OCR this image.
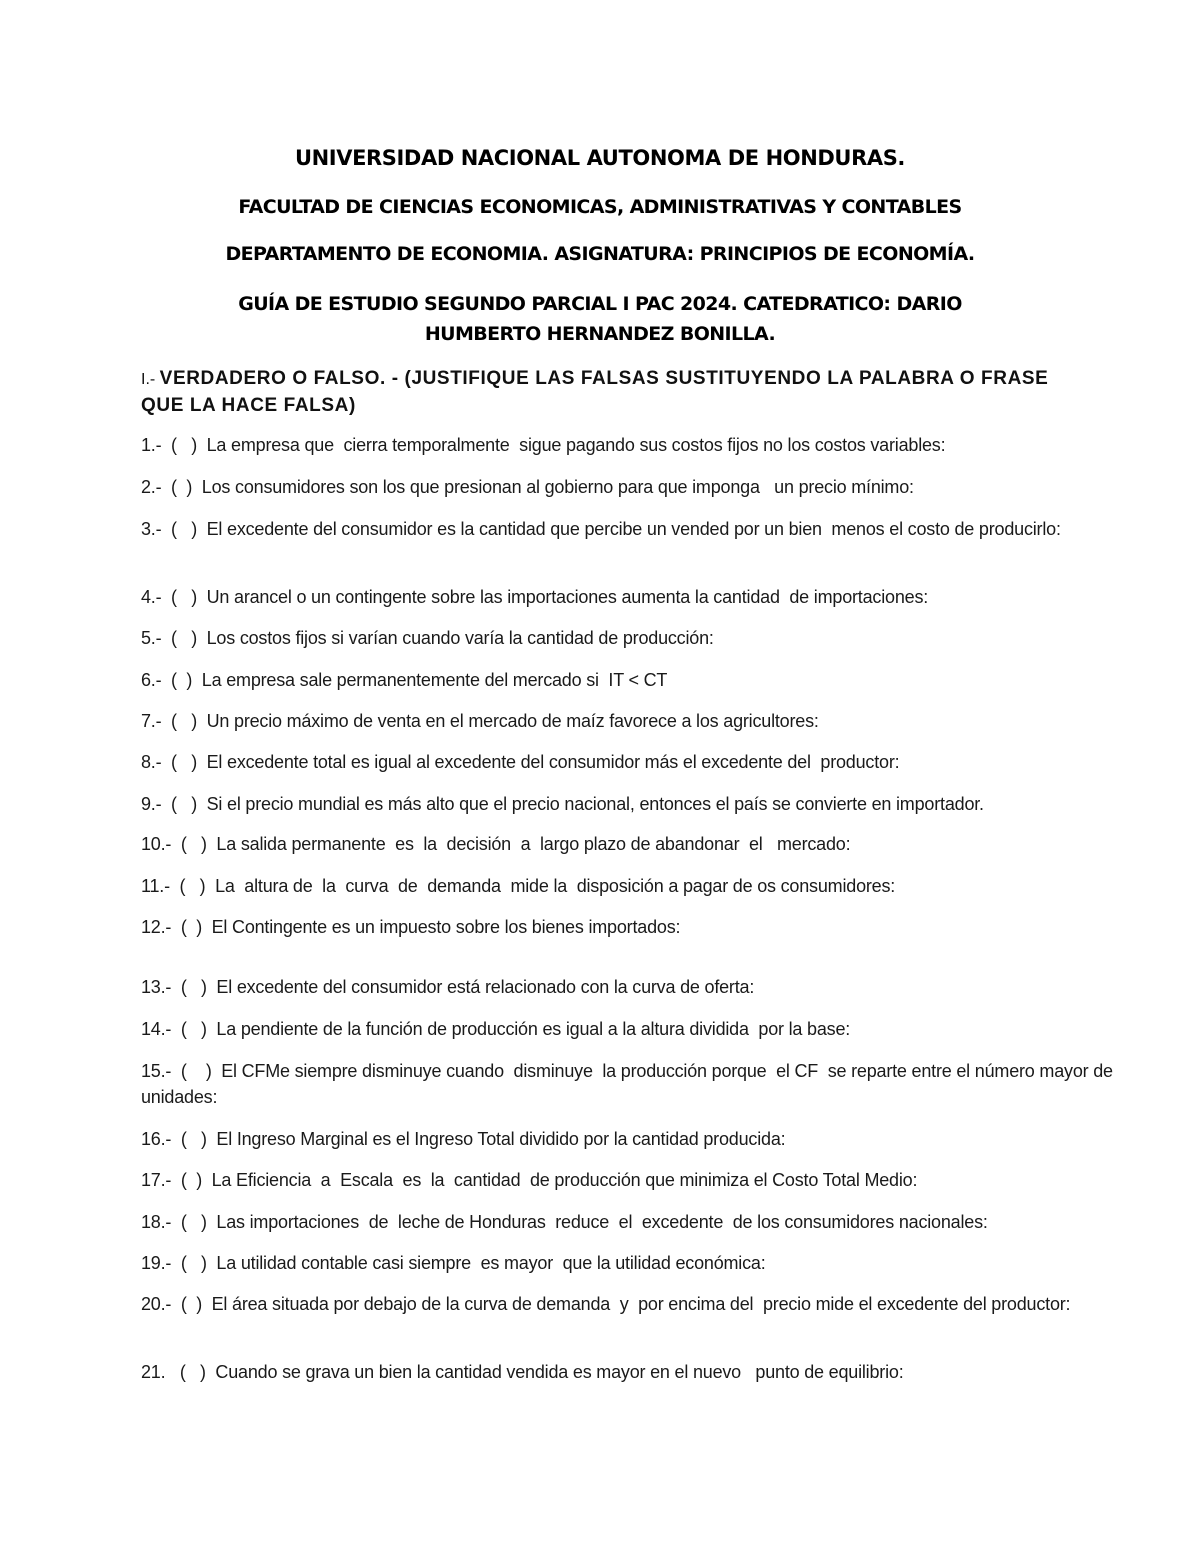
UNIVERSIDAD NACIONAL AUTONOMA DE HONDURAS.
FACULTAD DE CIENCIAS ECONOMICAS, ADMINISTRATIVAS Y CONTABLES
DEPARTAMENTO DE ECONOMIA. ASIGNATURA: PRINCIPIOS DE ECONOMÍA.
GUÍA DE ESTUDIO SEGUNDO PARCIAL I PAC 2024. CATEDRATICO: DARIO HUMBERTO HERNANDEZ BONILLA.
I.- VERDADERO O FALSO. - (JUSTIFIQUE LAS FALSAS SUSTITUYENDO LA PALABRA O FRASE QUE LA HACE FALSA)
1.-  (   )  La empresa que  cierra temporalmente  sigue pagando sus costos fijos no los costos variables:
2.-  (  )  Los consumidores son los que presionan al gobierno para que imponga   un precio mínimo:
3.-  (   )  El excedente del consumidor es la cantidad que percibe un vended por un bien  menos el costo de producirlo:
4.-  (   )  Un arancel o un contingente sobre las importaciones aumenta la cantidad  de importaciones:
5.-  (   )  Los costos fijos si varían cuando varía la cantidad de producción:
6.-  (  )  La empresa sale permanentemente del mercado si  IT < CT
7.-  (   )  Un precio máximo de venta en el mercado de maíz favorece a los agricultores:
8.-  (   )  El excedente total es igual al excedente del consumidor más el excedente del  productor:
9.-  (   )  Si el precio mundial es más alto que el precio nacional, entonces el país se convierte en importador.
10.-  (   )  La salida permanente  es  la  decisión  a  largo plazo de abandonar  el   mercado:
11.-  (   )  La  altura de  la  curva  de  demanda  mide la  disposición a pagar de os consumidores:
12.-  (  )  El Contingente es un impuesto sobre los bienes importados:
13.-  (   )  El excedente del consumidor está relacionado con la curva de oferta:
14.-  (   )  La pendiente de la función de producción es igual a la altura dividida  por la base:
15.-  (    )  El CFMe siempre disminuye cuando  disminuye  la producción porque  el CF  se reparte entre el número mayor de unidades:
16.-  (   )  El Ingreso Marginal es el Ingreso Total dividido por la cantidad producida:
17.-  (  )  La Eficiencia  a  Escala  es  la  cantidad  de producción que minimiza el Costo Total Medio:
18.-  (   )  Las importaciones  de  leche de Honduras  reduce  el  excedente  de los consumidores nacionales:
19.-  (   )  La utilidad contable casi siempre  es mayor  que la utilidad económica:
20.-  (  )  El área situada por debajo de la curva de demanda  y  por encima del  precio mide el excedente del productor:
21.   (   )  Cuando se grava un bien la cantidad vendida es mayor en el nuevo   punto de equilibrio:
